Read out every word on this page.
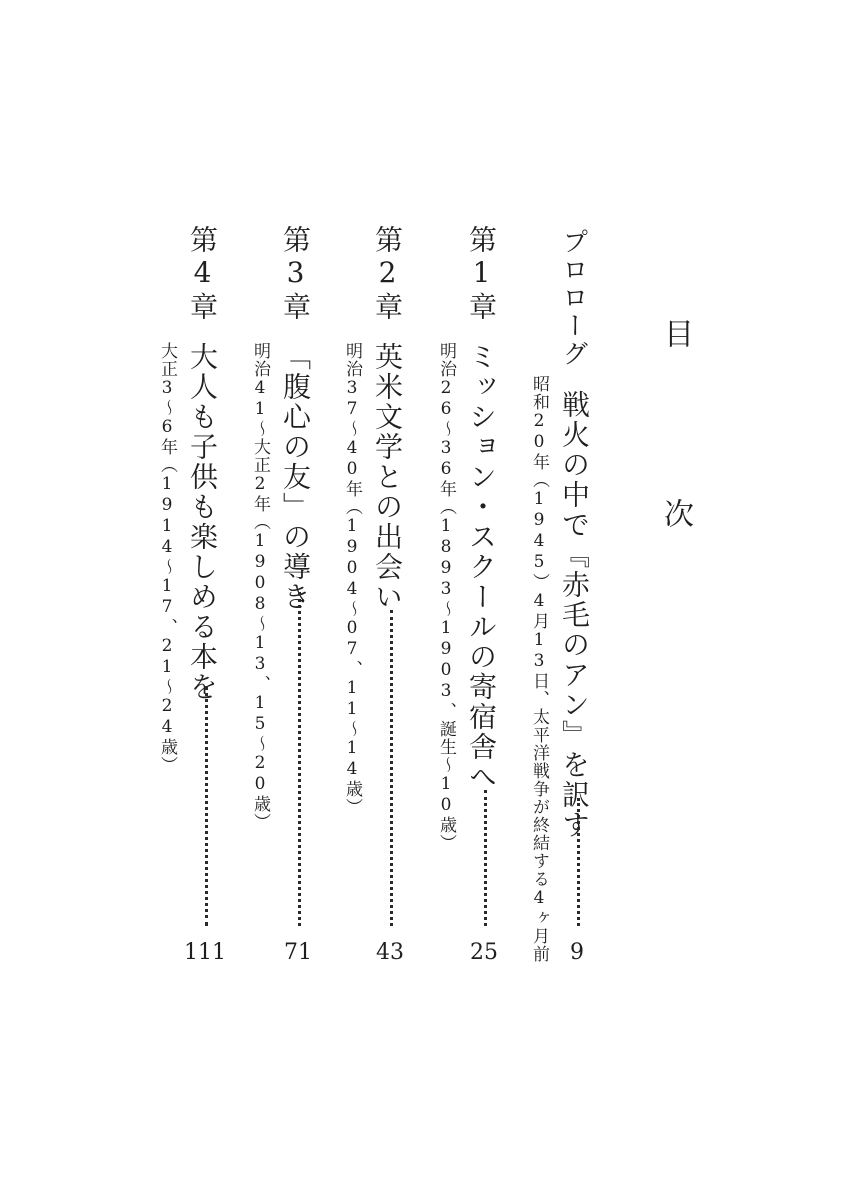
目　次
プロローグ
戦火の中で『赤毛のアン』を訳す
昭和20年（1945）4月13日、太平洋戦争が終結する4ヶ月前 9
第1章
ミッション・スクールの寄宿舎へ
明治26〜36年（1893〜1903、誕生〜10歳）
25
第2章
英米文学との出会い
明治37〜40年（1904〜07、11〜14歳）
43
第3章
「腹心の友」の導き
明治41〜大正2年（1908〜13、15〜20歳）
71
第4章
大人も子供も楽しめる本を
大正3〜6年（1914〜17、21〜24歳）
111
